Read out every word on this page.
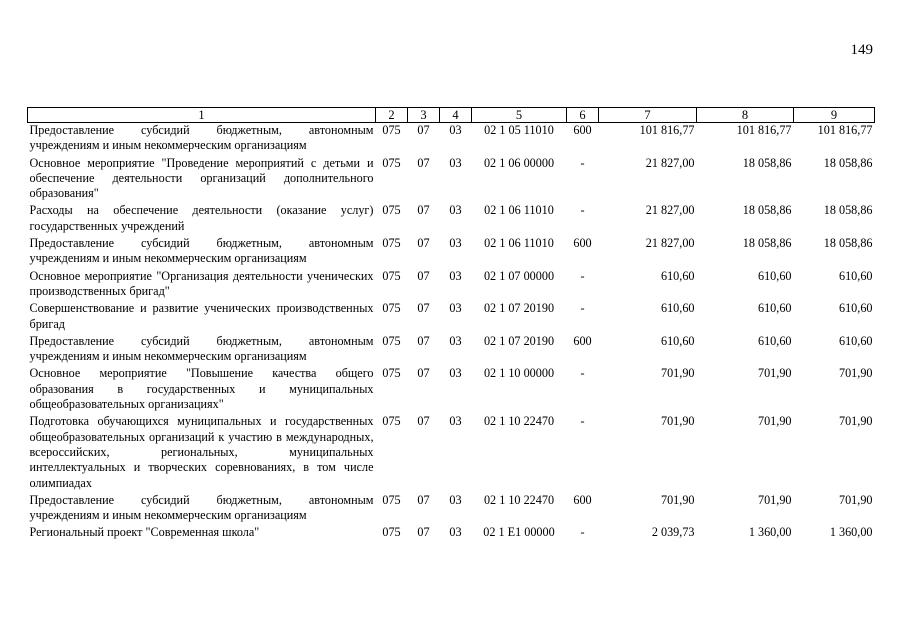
149
1	2	3	4	5	6	7	8	9
Предоставление субсидий бюджетным, автономным учреждениям и иным некоммерческим организациям	075	07	03	02 1 05 11010	600	101 816,77	101 816,77	101 816,77
Основное мероприятие "Проведение мероприятий с детьми и обеспечение деятельности организаций дополнительного образования"	075	07	03	02 1 06 00000	-	21 827,00	18 058,86	18 058,86
Расходы на обеспечение деятельности (оказание услуг) государственных учреждений	075	07	03	02 1 06 11010	-	21 827,00	18 058,86	18 058,86
Предоставление субсидий бюджетным, автономным учреждениям и иным некоммерческим организациям	075	07	03	02 1 06 11010	600	21 827,00	18 058,86	18 058,86
Основное мероприятие "Организация деятельности ученических производственных бригад"	075	07	03	02 1 07 00000	-	610,60	610,60	610,60
Совершенствование и развитие ученических производственных бригад	075	07	03	02 1 07 20190	-	610,60	610,60	610,60
Предоставление субсидий бюджетным, автономным учреждениям и иным некоммерческим организациям	075	07	03	02 1 07 20190	600	610,60	610,60	610,60
Основное мероприятие "Повышение качества общего образования в государственных и муниципальных общеобразовательных организациях"	075	07	03	02 1 10 00000	-	701,90	701,90	701,90
Подготовка обучающихся муниципальных и государственных общеобразовательных организаций к участию в международных, всероссийских, региональных, муниципальных интеллектуальных и творческих соревнованиях, в том числе олимпиадах	075	07	03	02 1 10 22470	-	701,90	701,90	701,90
Предоставление субсидий бюджетным, автономным учреждениям и иным некоммерческим организациям	075	07	03	02 1 10 22470	600	701,90	701,90	701,90
Региональный проект "Современная школа"	075	07	03	02 1 E1 00000	-	2 039,73	1 360,00	1 360,00
